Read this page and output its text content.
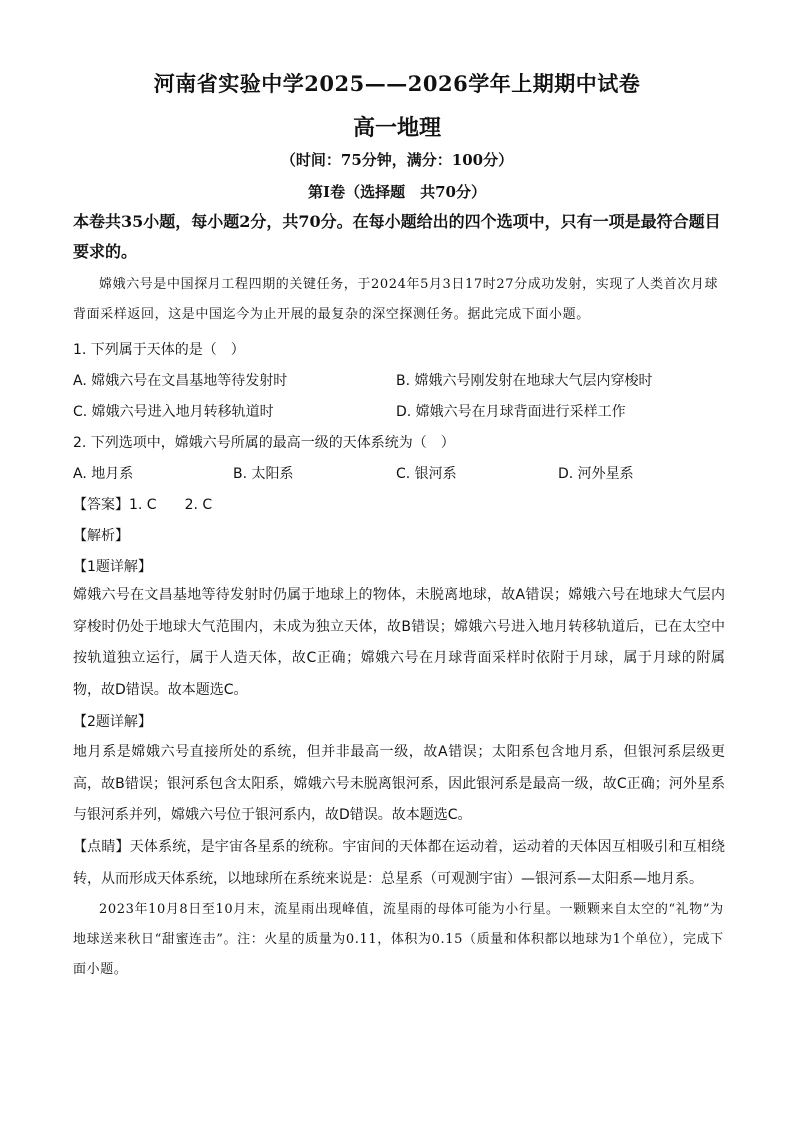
河南省实验中学2025——2026学年上期期中试卷
高一地理
（时间：75分钟，满分：100分）
第Ⅰ卷（选择题　共70分）
本卷共35小题，每小题2分，共70分。在每小题给出的四个选项中，只有一项是最符合题目要求的。
嫦娥六号是中国探月工程四期的关键任务，于2024年5月3日17时27分成功发射，实现了人类首次月球背面采样返回，这是中国迄今为止开展的最复杂的深空探测任务。据此完成下面小题。
1. 下列属于天体的是（　）
A. 嫦娥六号在文昌基地等待发射时	B. 嫦娥六号刚发射在地球大气层内穿梭时
C. 嫦娥六号进入地月转移轨道时	D. 嫦娥六号在月球背面进行采样工作
2. 下列选项中，嫦娥六号所属的最高一级的天体系统为（　）
A. 地月系	B. 太阳系	C. 银河系	D. 河外星系
【答案】1. C　　2. C
【解析】
【1题详解】
嫦娥六号在文昌基地等待发射时仍属于地球上的物体，未脱离地球，故A错误；嫦娥六号在地球大气层内穿梭时仍处于地球大气范围内，未成为独立天体，故B错误；嫦娥六号进入地月转移轨道后，已在太空中按轨道独立运行，属于人造天体，故C正确；嫦娥六号在月球背面采样时依附于月球，属于月球的附属物，故D错误。故本题选C。
【2题详解】
地月系是嫦娥六号直接所处的系统，但并非最高一级，故A错误；太阳系包含地月系，但银河系层级更高，故B错误；银河系包含太阳系，嫦娥六号未脱离银河系，因此银河系是最高一级，故C正确；河外星系与银河系并列，嫦娥六号位于银河系内，故D错误。故本题选C。
【点睛】天体系统，是宇宙各星系的统称。宇宙间的天体都在运动着，运动着的天体因互相吸引和互相绕转，从而形成天体系统，以地球所在系统来说是：总星系（可观测宇宙）—银河系—太阳系—地月系。
2023年10月8日至10月末，流星雨出现峰值，流星雨的母体可能为小行星。一颗颗来自太空的“礼物”为地球送来秋日“甜蜜连击”。注：火星的质量为0.11，体积为0.15（质量和体积都以地球为1个单位），完成下面小题。
